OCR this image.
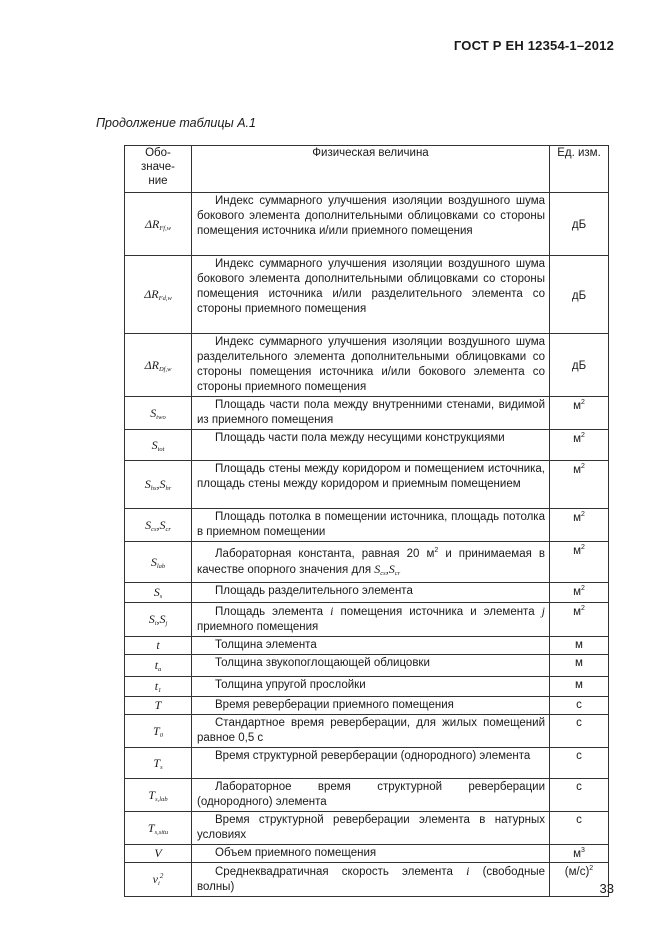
ГОСТ Р ЕН 12354-1–2012
Продолжение таблицы А.1
Обо-
значе-
ние	Физическая величина	Ед. изм.
$\Delta R_{Ff,w}$	Индекс суммарного улучшения изоляции воздушного шума бокового элемента дополнительными облицовками со стороны помещения источника и/или приемного помещения	дБ
$\Delta R_{Fd,w}$	Индекс суммарного улучшения изоляции воздушного шума бокового элемента дополнительными облицовками со стороны помещения источника и/или разделительного элемента со стороны приемного помещения	дБ
$\Delta R_{Df,w}$	Индекс суммарного улучшения изоляции воздушного шума разделительного элемента дополнительными облицовками со стороны помещения источника и/или бокового элемента со стороны приемного помещения	дБ
$S_{two}$	Площадь части пола между внутренними стенами, видимой из приемного помещения	$м^2$
$S_{tot}$	Площадь части пола между несущими конструкциями	$м^2$
$S_{hs},S_{hr}$	Площадь стены между коридором и помещением источника, площадь стены между коридором и приемным помещением	$м^2$
$S_{cs},S_{cr}$	Площадь потолка в помещении источника, площадь потолка в приемном помещении	$м^2$
$S_{lab}$	Лабораторная константа, равная 20 $м^2$ и принимаемая в качестве опорного значения для $S_{cs},S_{cr}$	$м^2$
$S_s$	Площадь разделительного элемента	$м^2$
$S_i,S_j$	Площадь элемента i помещения источника и элемента j приемного помещения	$м^2$
t	Толщина элемента	м
$t_a$	Толщина звукопоглощающей облицовки	м
$t_1$	Толщина упругой прослойки	м
T	Время реверберации приемного помещения	с
$T_0$	Стандартное время реверберации, для жилых помещений равное 0,5 с	с
$T_s$	Время структурной реверберации (однородного) элемента	с
$T_{s,lab}$	Лабораторное время структурной реверберации (однородного) элемента	с
$T_{s,situ}$	Время структурной реверберации элемента в натурных условиях	с
V	Объем приемного помещения	$м^3$
$v_i^2$	Среднеквадратичная скорость элемента i (свободные волны)	$(м/с)^2$
33
